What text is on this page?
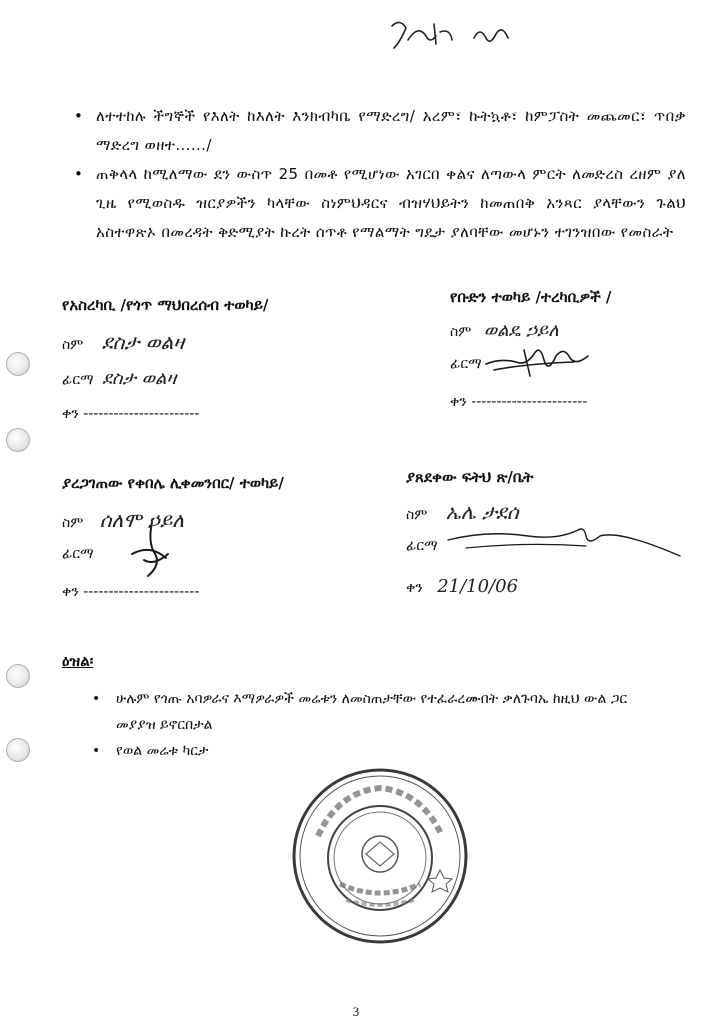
• ለተተከሉ ችግኞች የእለት ከእለት እንክብካቤ የማድረግ/ አረም፣ ኩትኳቶ፣ ከምፓስት መጨመር፣ ጥበቃ ማድረግ ወዘተ....../
• ጠቅላላ ከሚለማው ደን ውስጥ 25 በመቶ የሚሆነው አገርበ ቀልና ለጣውላ ምርት ለመድረስ ረዘም ያለ ጊዜ የሚወስዱ ዝርያዎችን ካላቸው ስነምህዳርና ብዝሃህይትን ከመጠበቅ አንጻር ያላቸውን ጉልህ አስተዋጽኦ በመረዳት ቅድሚያት ኩረት ሰጥቶ የማልማት ግዴታ ያለባቸው መሆኑን ተገንዝበው የመስራት
የአስረካቢ /የጎጥ ማህበረሰብ ተወካይ/
ስም ደስታ ወልዛ
ፊርማ ደስታ ወልዛ
ቀን -----------------------
የቡድን ተወካይ /ተረካቢዎች /
ስም ወልዴ ኃይለ
ፊርማ
ቀን -----------------------
ያረጋገጠው የቀበሌ ሊቀመንበር/ ተወካይ/
ስም ሰለሞ ኃይለ
ፊርማ
ቀን -----------------------
ያጸደቀው ፍትህ ጽ/ቤት
ስም ኤሌ ታደሰ
ፊርማ
ቀን 21/10/06
ዕዝል፡
• ሁሉም የጎጡ አባዎራና እማዎራዎች መሬቱን ለመስጠታቸው የተፈራረሙበት ቃለጉባኤ ከዚህ ውል ጋር መያያዝ ይኖርበታል
• የወል መሬቱ ካርታ
3
